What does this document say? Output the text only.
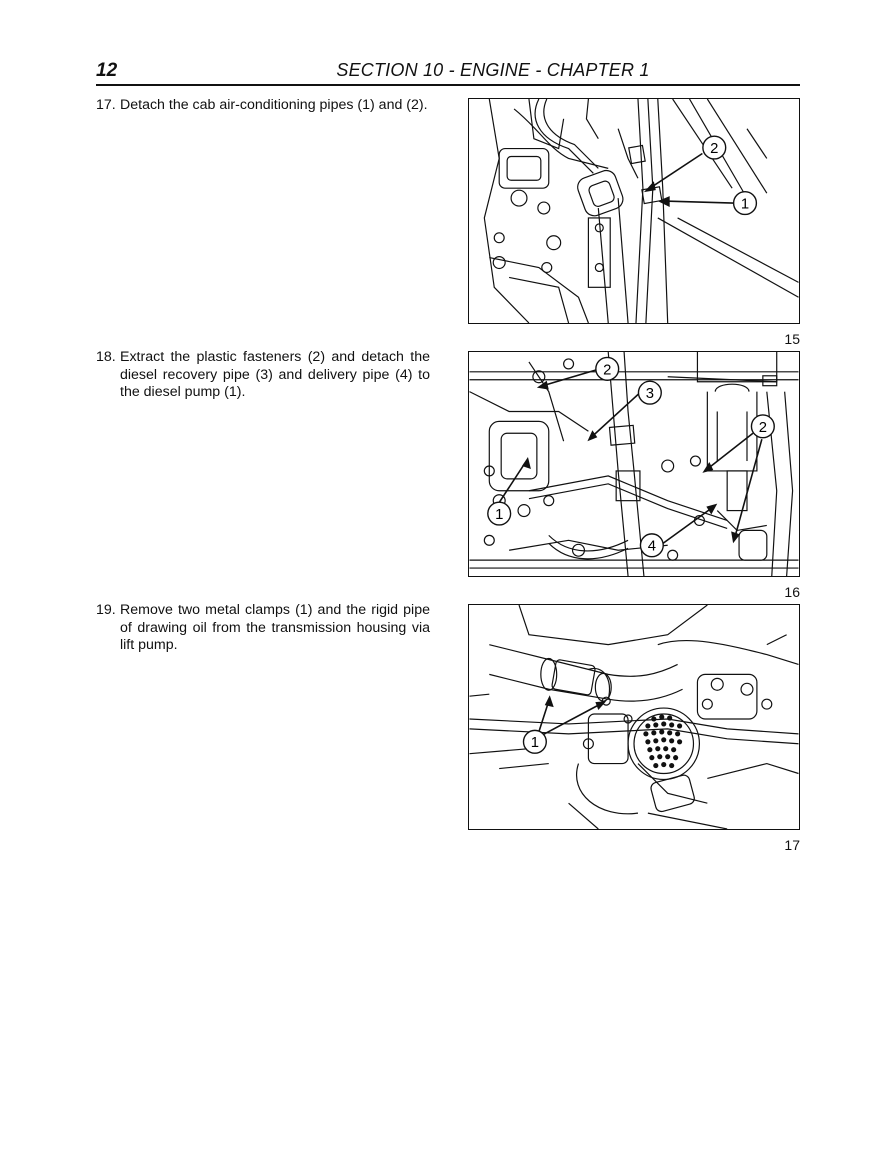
12	SECTION 10 - ENGINE - CHAPTER 1
17. Detach the cab air-conditioning pipes (1) and (2).
2
1
15
18. Extract the plastic fasteners (2) and detach the diesel recovery pipe (3) and delivery pipe (4) to the diesel pump (1).
2
3
2
1
4
16
19. Remove two metal clamps (1) and the rigid pipe of drawing oil from the transmission housing via lift pump.
1
17
